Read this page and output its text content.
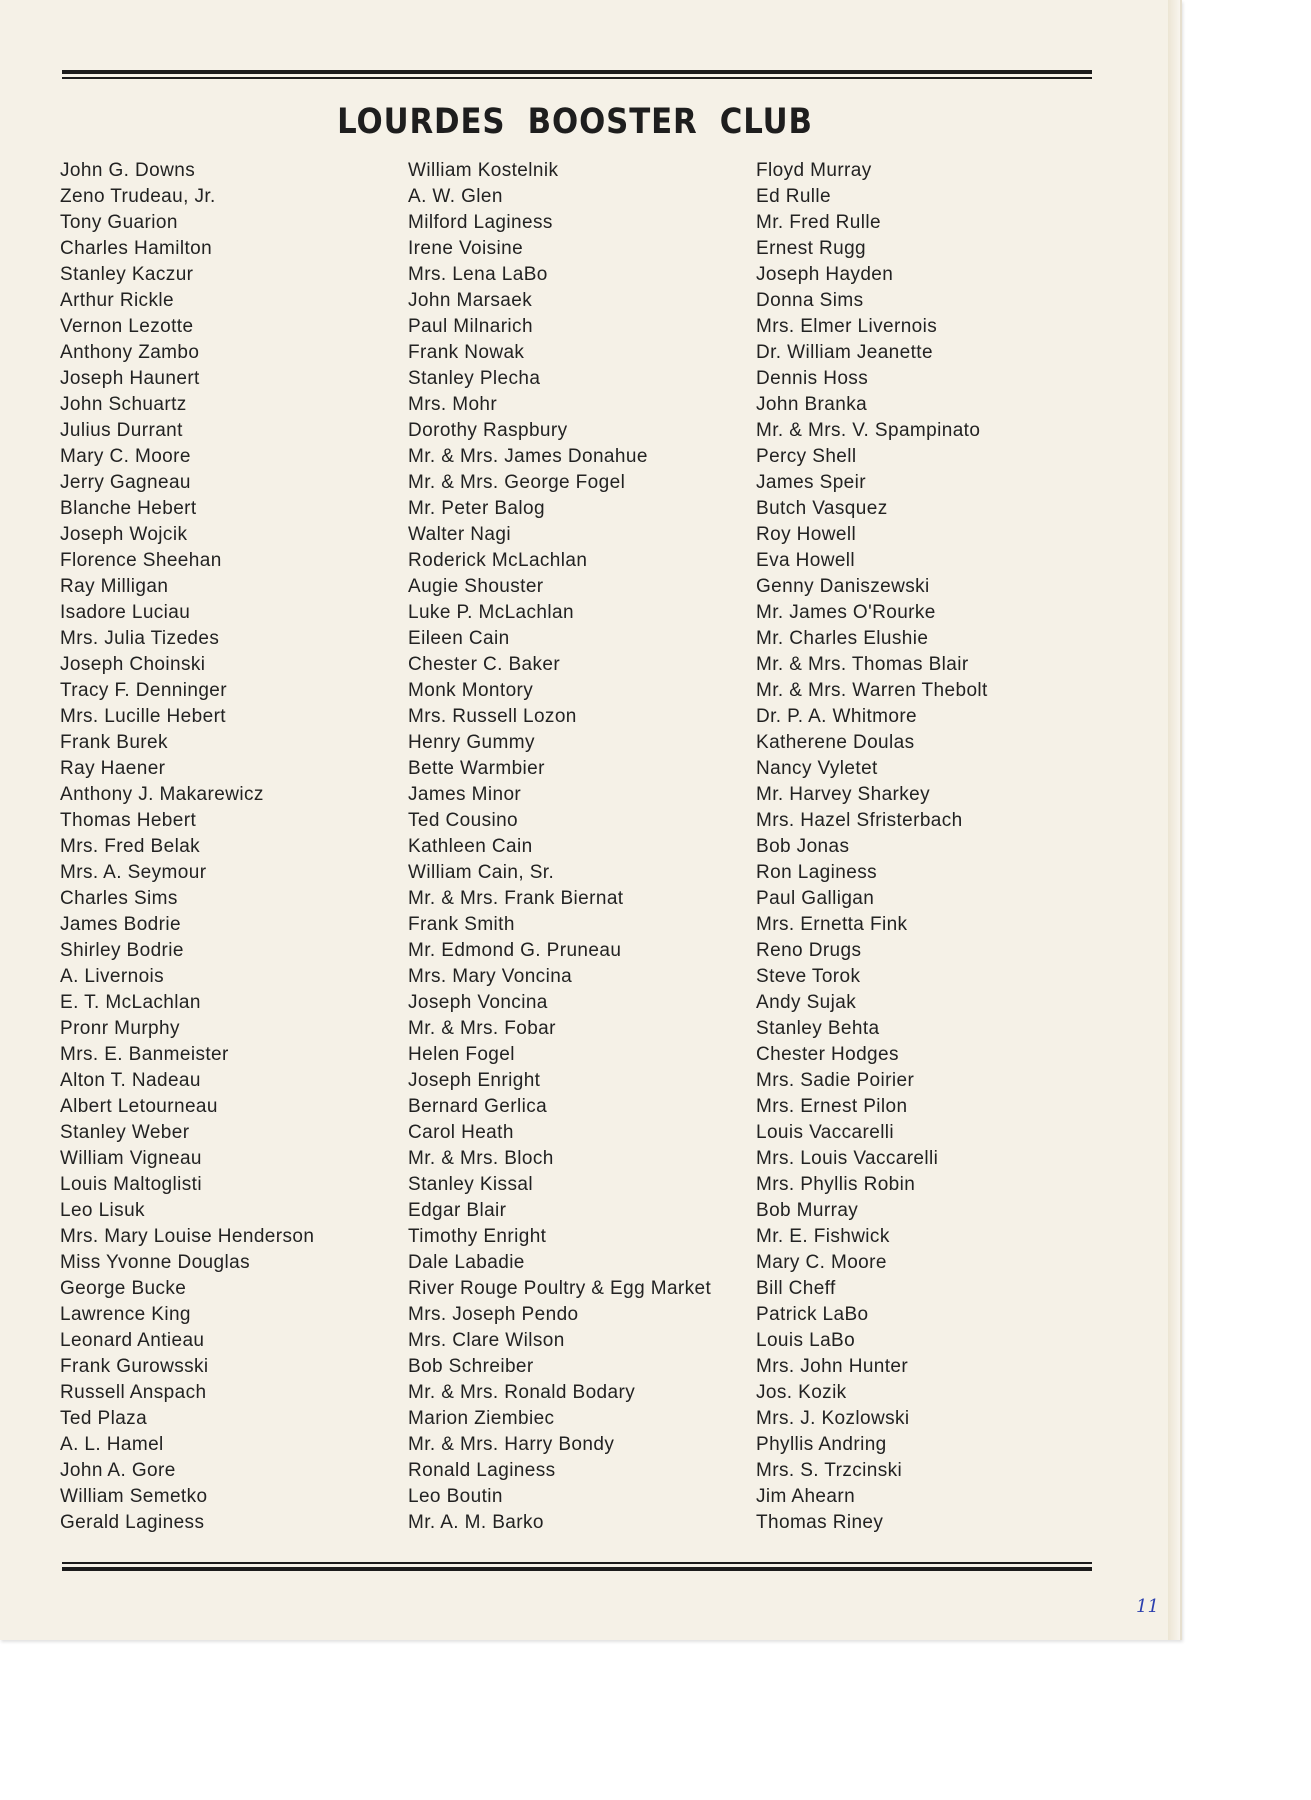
LOURDES BOOSTER CLUB
John G. Downs
Zeno Trudeau, Jr.
Tony Guarion
Charles Hamilton
Stanley Kaczur
Arthur Rickle
Vernon Lezotte
Anthony Zambo
Joseph Haunert
John Schuartz
Julius Durrant
Mary C. Moore
Jerry Gagneau
Blanche Hebert
Joseph Wojcik
Florence Sheehan
Ray Milligan
Isadore Luciau
Mrs. Julia Tizedes
Joseph Choinski
Tracy F. Denninger
Mrs. Lucille Hebert
Frank Burek
Ray Haener
Anthony J. Makarewicz
Thomas Hebert
Mrs. Fred Belak
Mrs. A. Seymour
Charles Sims
James Bodrie
Shirley Bodrie
A. Livernois
E. T. McLachlan
Pronr Murphy
Mrs. E. Banmeister
Alton T. Nadeau
Albert Letourneau
Stanley Weber
William Vigneau
Louis Maltoglisti
Leo Lisuk
Mrs. Mary Louise Henderson
Miss Yvonne Douglas
George Bucke
Lawrence King
Leonard Antieau
Frank Gurowsski
Russell Anspach
Ted Plaza
A. L. Hamel
John A. Gore
William Semetko
Gerald Laginess
William Kostelnik
A. W. Glen
Milford Laginess
Irene Voisine
Mrs. Lena LaBo
John Marsaek
Paul Milnarich
Frank Nowak
Stanley Plecha
Mrs. Mohr
Dorothy Raspbury
Mr. & Mrs. James Donahue
Mr. & Mrs. George Fogel
Mr. Peter Balog
Walter Nagi
Roderick McLachlan
Augie Shouster
Luke P. McLachlan
Eileen Cain
Chester C. Baker
Monk Montory
Mrs. Russell Lozon
Henry Gummy
Bette Warmbier
James Minor
Ted Cousino
Kathleen Cain
William Cain, Sr.
Mr. & Mrs. Frank Biernat
Frank Smith
Mr. Edmond G. Pruneau
Mrs. Mary Voncina
Joseph Voncina
Mr. & Mrs. Fobar
Helen Fogel
Joseph Enright
Bernard Gerlica
Carol Heath
Mr. & Mrs. Bloch
Stanley Kissal
Edgar Blair
Timothy Enright
Dale Labadie
River Rouge Poultry & Egg Market
Mrs. Joseph Pendo
Mrs. Clare Wilson
Bob Schreiber
Mr. & Mrs. Ronald Bodary
Marion Ziembiec
Mr. & Mrs. Harry Bondy
Ronald Laginess
Leo Boutin
Mr. A. M. Barko
Floyd Murray
Ed Rulle
Mr. Fred Rulle
Ernest Rugg
Joseph Hayden
Donna Sims
Mrs. Elmer Livernois
Dr. William Jeanette
Dennis Hoss
John Branka
Mr. & Mrs. V. Spampinato
Percy Shell
James Speir
Butch Vasquez
Roy Howell
Eva Howell
Genny Daniszewski
Mr. James O'Rourke
Mr. Charles Elushie
Mr. & Mrs. Thomas Blair
Mr. & Mrs. Warren Thebolt
Dr. P. A. Whitmore
Katherene Doulas
Nancy Vyletet
Mr. Harvey Sharkey
Mrs. Hazel Sfristerbach
Bob Jonas
Ron Laginess
Paul Galligan
Mrs. Ernetta Fink
Reno Drugs
Steve Torok
Andy Sujak
Stanley Behta
Chester Hodges
Mrs. Sadie Poirier
Mrs. Ernest Pilon
Louis Vaccarelli
Mrs. Louis Vaccarelli
Mrs. Phyllis Robin
Bob Murray
Mr. E. Fishwick
Mary C. Moore
Bill Cheff
Patrick LaBo
Louis LaBo
Mrs. John Hunter
Jos. Kozik
Mrs. J. Kozlowski
Phyllis Andring
Mrs. S. Trzcinski
Jim Ahearn
Thomas Riney
11
